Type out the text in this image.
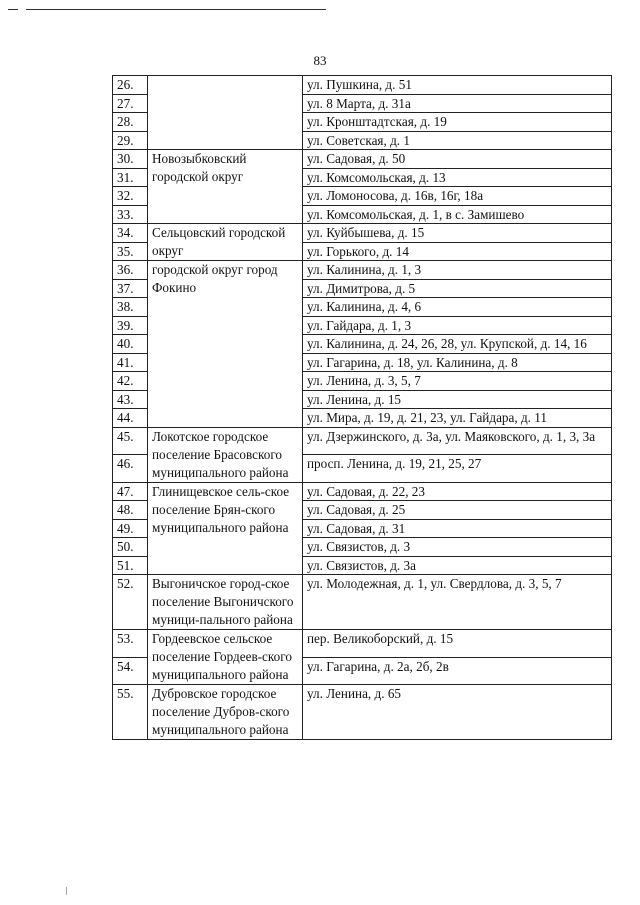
83
26.		ул. Пушкина, д. 51
27.		ул. 8 Марта, д. 31а
28.		ул. Кронштадтская, д. 19
29.		ул. Советская, д. 1
30.	Новозыбковский городской округ	ул. Садовая, д. 50
31.		ул. Комсомольская, д. 13
32.		ул. Ломоносова, д. 16в, 16г, 18а
33.		ул. Комсомольская, д. 1, в с. Замишево
34.	Сельцовский городской округ	ул. Куйбышева, д. 15
35.		ул. Горького, д. 14
36.	городской округ город Фокино	ул. Калинина, д. 1, 3
37.		ул. Димитрова, д. 5
38.		ул. Калинина, д. 4, 6
39.		ул. Гайдара, д. 1, 3
40.		ул. Калинина, д. 24, 26, 28, ул. Крупской, д. 14, 16
41.		ул. Гагарина, д. 18, ул. Калинина, д. 8
42.		ул. Ленина, д. 3, 5, 7
43.		ул. Ленина, д. 15
44.		ул. Мира, д. 19, д. 21, 23, ул. Гайдара, д. 11
45.	Локотское городское поселение Брасовского муниципального района	ул. Дзержинского, д. 3а, ул. Маяковского, д. 1, 3, 3а
46.		просп. Ленина, д. 19, 21, 25, 27
47.	Глинищевское сель-ское поселение Брян-ского муниципального района	ул. Садовая, д. 22, 23
48.		ул. Садовая, д. 25
49.		ул. Садовая, д. 31
50.		ул. Связистов, д. 3
51.		ул. Связистов, д. 3а
52.	Выгоничское город-ское поселение Выгоничского муници-пального района	ул. Молодежная, д. 1, ул. Свердлова, д. 3, 5, 7
53.	Гордеевское сельское поселение Гордеев-ского муниципального района	пер. Великоборский, д. 15
54.		ул. Гагарина, д. 2а, 2б, 2в
55.	Дубровское городское поселение Дубров-ского муниципального района	ул. Ленина, д. 65
∕
